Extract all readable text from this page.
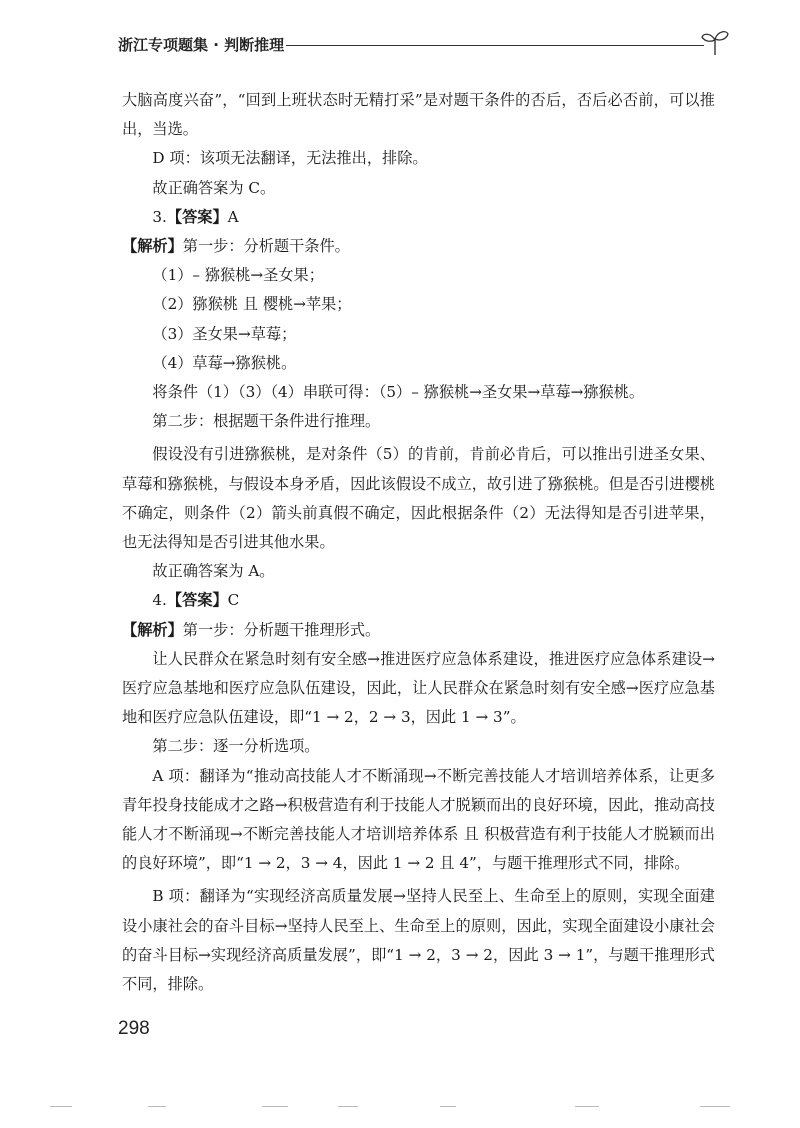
浙江专项题集 · 判断推理

大脑高度兴奋”，“回到上班状态时无精打采”是对题干条件的否后，否后必否前，可以推出，当选。

D 项：该项无法翻译，无法推出，排除。

故正确答案为 C。

3.【答案】A

【解析】第一步：分析题干条件。

（1）– 猕猴桃→圣女果；

（2）猕猴桃 且 樱桃→苹果；

（3）圣女果→草莓；

（4）草莓→猕猴桃。

将条件（1）（3）（4）串联可得：（5）– 猕猴桃→圣女果→草莓→猕猴桃。

第二步：根据题干条件进行推理。

假设没有引进猕猴桃，是对条件（5）的肯前，肯前必肯后，可以推出引进圣女果、草莓和猕猴桃，与假设本身矛盾，因此该假设不成立，故引进了猕猴桃。但是否引进樱桃不确定，则条件（2）箭头前真假不确定，因此根据条件（2）无法得知是否引进苹果，也无法得知是否引进其他水果。

故正确答案为 A。

4.【答案】C

【解析】第一步：分析题干推理形式。

让人民群众在紧急时刻有安全感→推进医疗应急体系建设，推进医疗应急体系建设→医疗应急基地和医疗应急队伍建设，因此，让人民群众在紧急时刻有安全感→医疗应急基地和医疗应急队伍建设，即“1 → 2，2 → 3，因此 1 → 3”。

第二步：逐一分析选项。

A 项：翻译为“推动高技能人才不断涌现→不断完善技能人才培训培养体系，让更多青年投身技能成才之路→积极营造有利于技能人才脱颖而出的良好环境，因此，推动高技能人才不断涌现→不断完善技能人才培训培养体系 且 积极营造有利于技能人才脱颖而出的良好环境”，即“1 → 2，3 → 4，因此 1 → 2 且 4”，与题干推理形式不同，排除。

B 项：翻译为“实现经济高质量发展→坚持人民至上、生命至上的原则，实现全面建设小康社会的奋斗目标→坚持人民至上、生命至上的原则，因此，实现全面建设小康社会的奋斗目标→实现经济高质量发展”，即“1 → 2，3 → 2，因此 3 → 1”，与题干推理形式不同，排除。

298
